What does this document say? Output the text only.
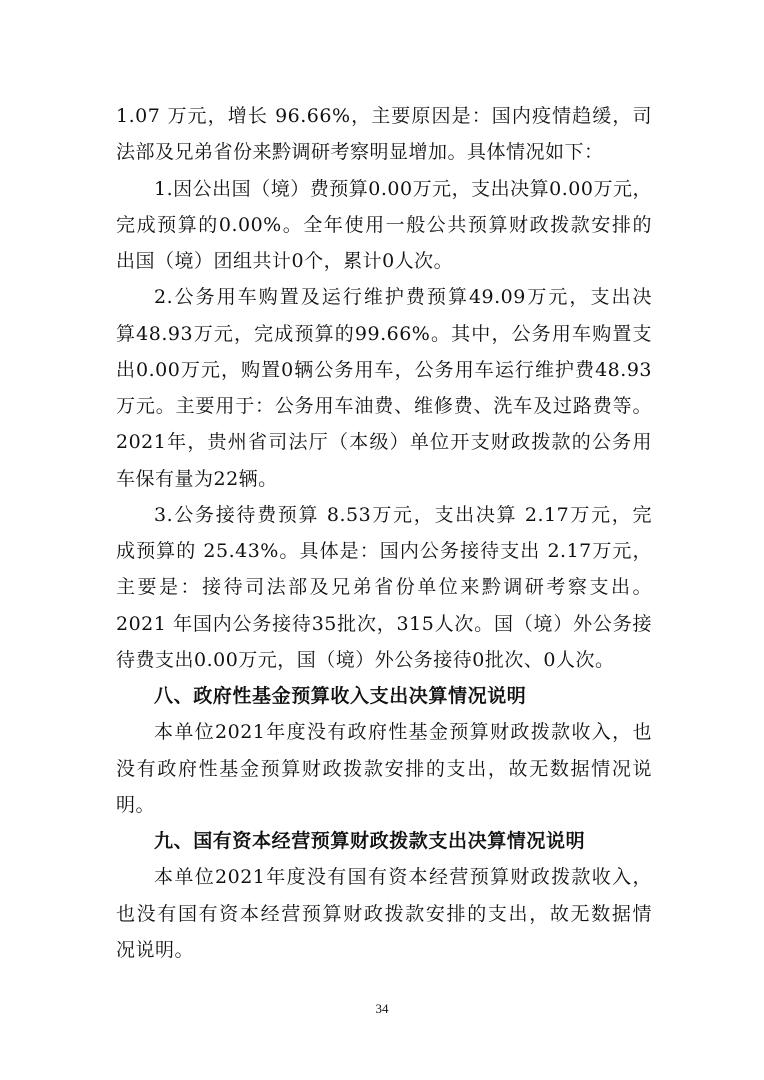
1.07 万元，增长 96.66%，主要原因是：国内疫情趋缓，司
法部及兄弟省份来黔调研考察明显增加。具体情况如下：
1.因公出国（境）费预算0.00万元，支出决算0.00万元，
完成预算的0.00%。全年使用一般公共预算财政拨款安排的
出国（境）团组共计0个，累计0人次。
2.公务用车购置及运行维护费预算49.09万元，支出决
算48.93万元，完成预算的99.66%。其中，公务用车购置支
出0.00万元，购置0辆公务用车，公务用车运行维护费48.93
万元。主要用于：公务用车油费、维修费、洗车及过路费等。
2021年，贵州省司法厅（本级）单位开支财政拨款的公务用
车保有量为22辆。
3.公务接待费预算 8.53万元，支出决算 2.17万元，完
成预算的 25.43%。具体是：国内公务接待支出 2.17万元，
主要是：接待司法部及兄弟省份单位来黔调研考察支出。
2021 年国内公务接待35批次，315人次。国（境）外公务接
待费支出0.00万元，国（境）外公务接待0批次、0人次。
八、政府性基金预算收入支出决算情况说明
本单位2021年度没有政府性基金预算财政拨款收入，也
没有政府性基金预算财政拨款安排的支出，故无数据情况说
明。
九、国有资本经营预算财政拨款支出决算情况说明
本单位2021年度没有国有资本经营预算财政拨款收入，
也没有国有资本经营预算财政拨款安排的支出，故无数据情
况说明。
34
